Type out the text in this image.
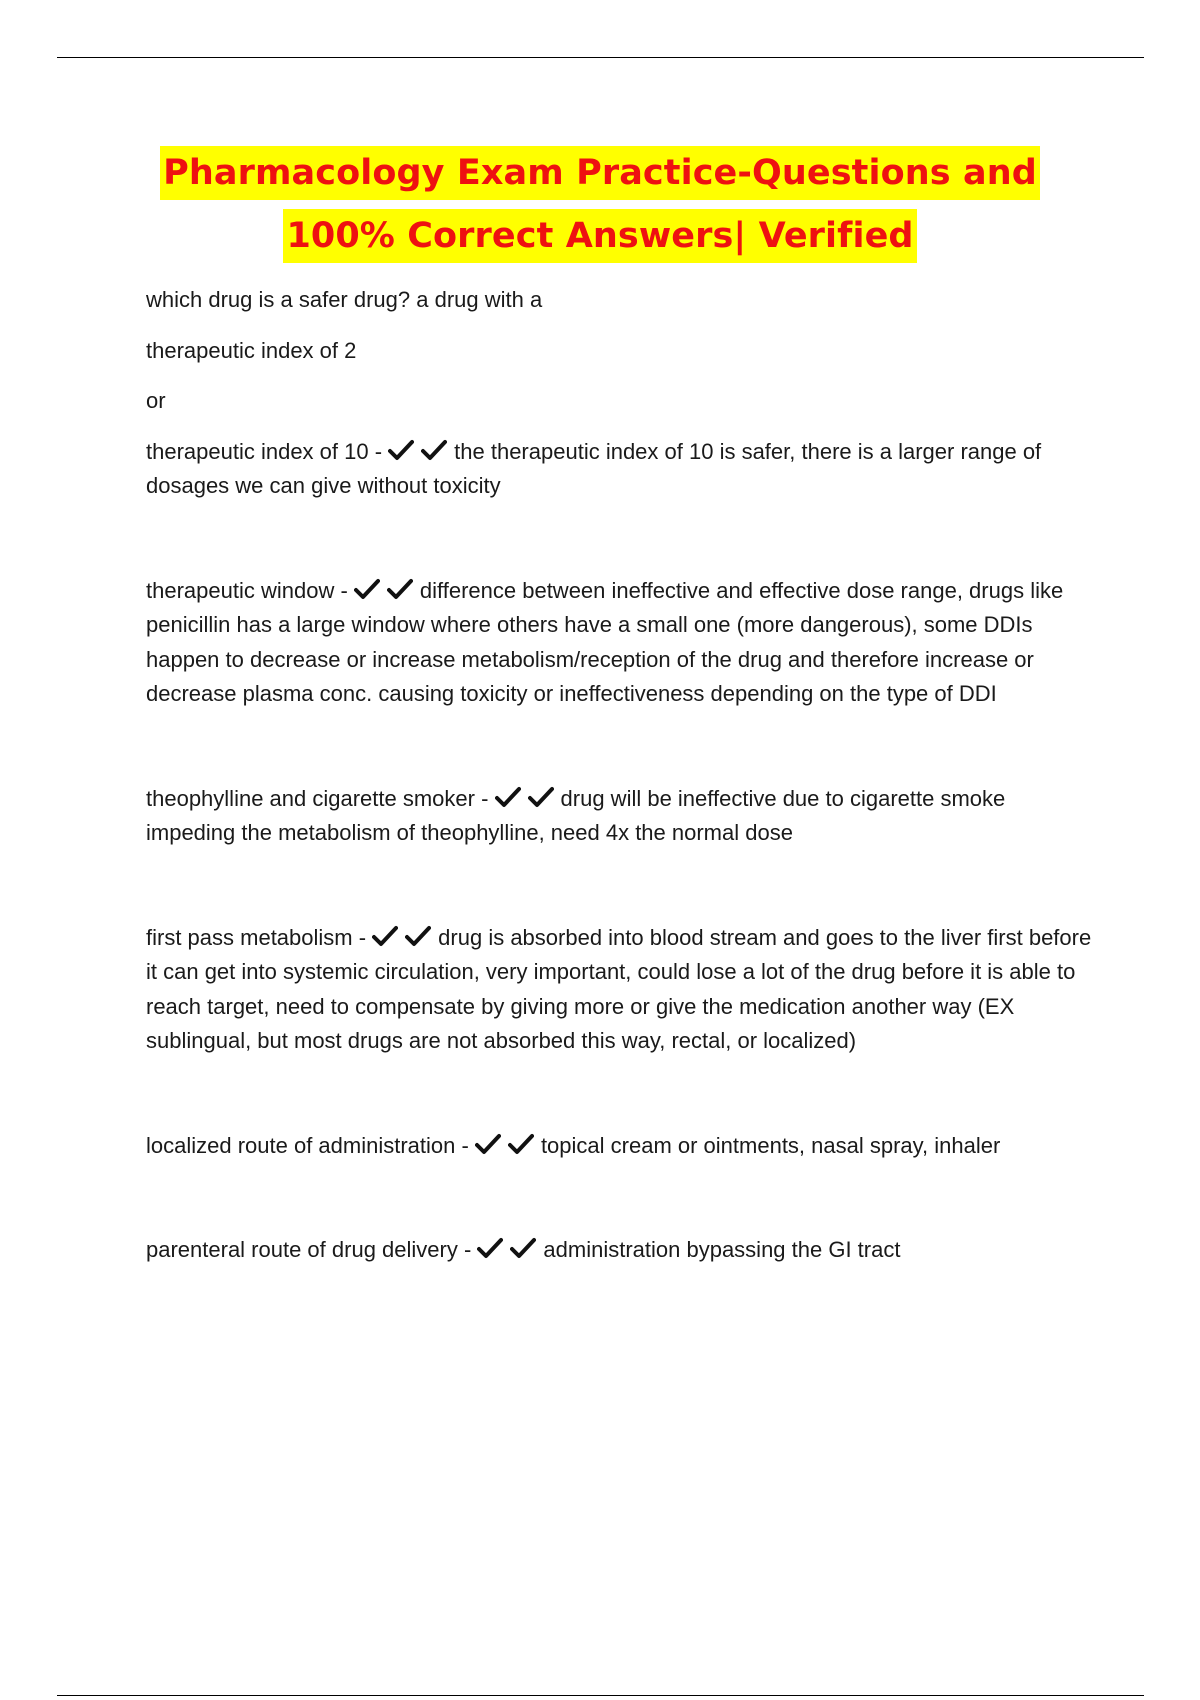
Pharmacology Exam Practice-Questions and
100% Correct Answers| Verified

which drug is a safer drug? a drug with a

therapeutic index of 2

or

therapeutic index of 10 -	the therapeutic index of 10 is safer, there is a larger range of dosages we can give without toxicity

therapeutic window -	difference between ineffective and effective dose range, drugs like penicillin has a large window where others have a small one (more dangerous), some DDIs happen to decrease or increase metabolism/reception of the drug and therefore increase or decrease plasma conc. causing toxicity or ineffectiveness depending on the type of DDI

theophylline and cigarette smoker -	drug will be ineffective due to cigarette smoke impeding the metabolism of theophylline, need 4x the normal dose

first pass metabolism -	drug is absorbed into blood stream and goes to the liver first before it can get into systemic circulation, very important, could lose a lot of the drug before it is able to reach target, need to compensate by giving more or give the medication another way (EX sublingual, but most drugs are not absorbed this way, rectal, or localized)

localized route of administration -	topical cream or ointments, nasal spray, inhaler

parenteral route of drug delivery -	administration bypassing the GI tract
